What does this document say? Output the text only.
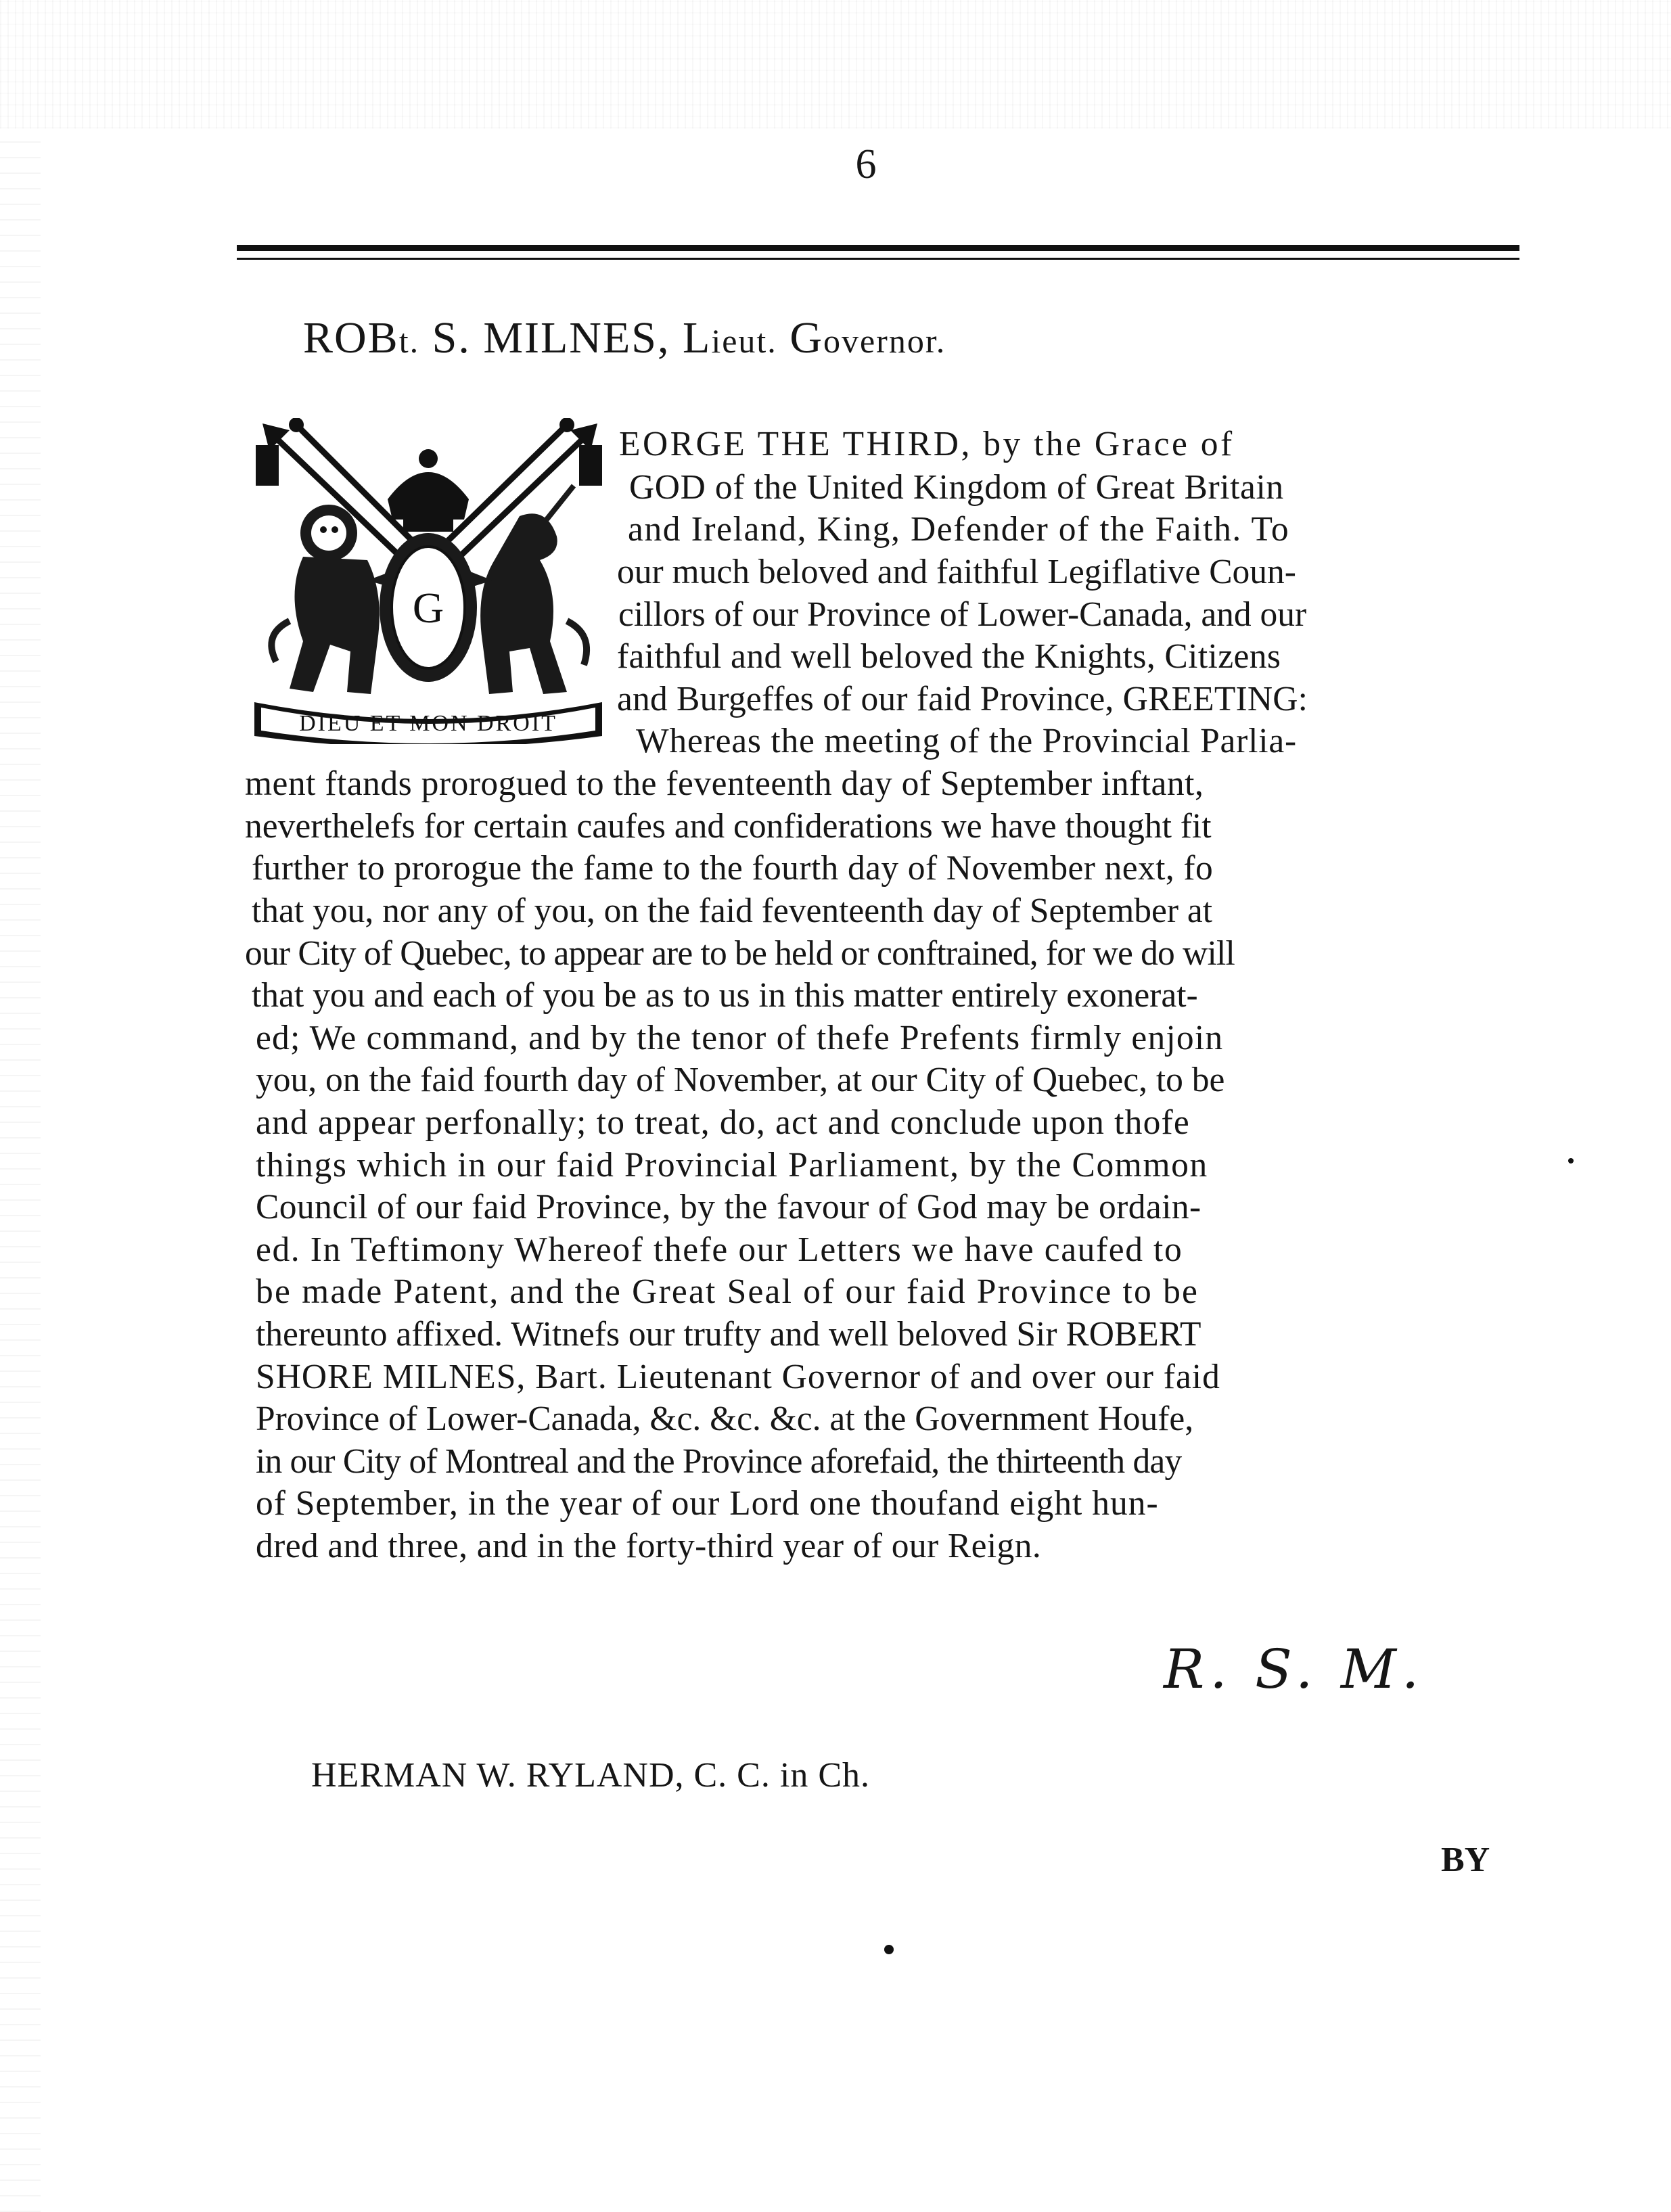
6
ROBt. S. MILNES, Lieut. Governor.
G
DIEU ET MON DROIT
EORGE THE THIRD, by the Grace of
GOD of the United Kingdom of Great Britain
and Ireland, King, Defender of the Faith. To
our much beloved and faithful Legiflative Coun-
cillors of our Province of Lower-Canada, and our
faithful and well beloved the Knights, Citizens
and Burgeffes of our faid Province, GREETING:
Whereas the meeting of the Provincial Parlia-
ment ftands prorogued to the feventeenth day of September inftant,
neverthelefs for certain caufes and confiderations we have thought fit
further to prorogue the fame to the fourth day of November next, fo
that you, nor any of you, on the faid feventeenth day of September at
our City of Quebec, to appear are to be held or conftrained, for we do will
that you and each of you be as to us in this matter entirely exonerat-
ed; We command, and by the tenor of thefe Prefents firmly enjoin
you, on the faid fourth day of November, at our City of Quebec, to be
and appear perfonally; to treat, do, act and conclude upon thofe
things which in our faid Provincial Parliament, by the Common
Council of our faid Province, by the favour of God may be ordain-
ed. In Teftimony Whereof thefe our Letters we have caufed to
be made Patent, and the Great Seal of our faid Province to be
thereunto affixed. Witnefs our trufty and well beloved Sir ROBERT
SHORE MILNES, Bart. Lieutenant Governor of and over our faid
Province of Lower-Canada, &c. &c. &c. at the Government Houfe,
in our City of Montreal and the Province aforefaid, the thirteenth day
of September, in the year of our Lord one thoufand eight hun-
dred and three, and in the forty-third year of our Reign.
R. S. M.
HERMAN W. RYLAND, C. C. in Ch.
BY
